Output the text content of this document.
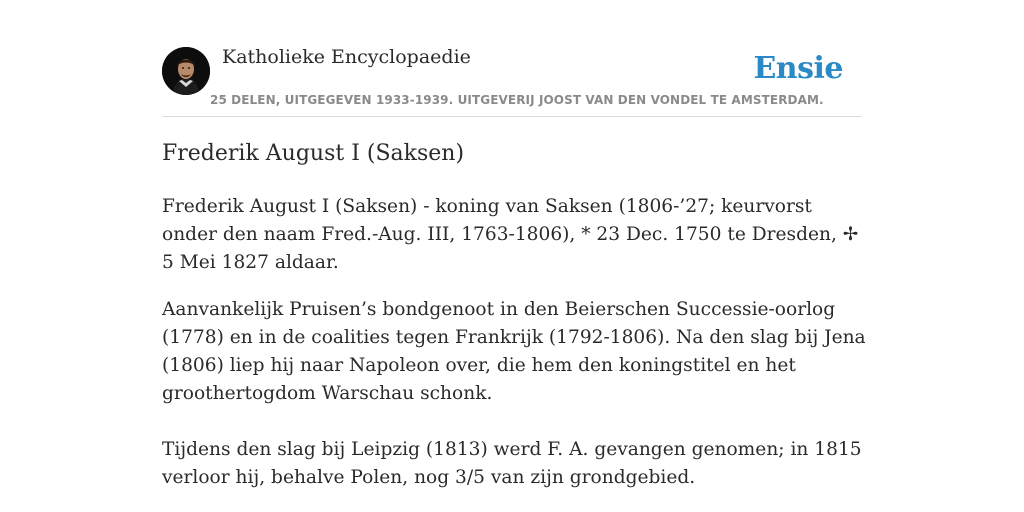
Katholieke Encyclopaedie
25 DELEN, UITGEGEVEN 1933-1939. UITGEVERIJ JOOST VAN DEN VONDEL TE AMSTERDAM.
Ensie
Frederik August I (Saksen)

Frederik August I (Saksen) - koning van Saksen (1806-’27; keurvorst onder den naam Fred.-Aug. III, 1763-1806), * 23 Dec. 1750 te Dresden, ✢ 5 Mei 1827 aldaar.

Aanvankelijk Pruisen’s bondgenoot in den Beierschen Successie-oorlog (1778) en in de coalities tegen Frankrijk (1792-1806). Na den slag bij Jena (1806) liep hij naar Napoleon over, die hem den koningstitel en het groothertogdom Warschau schonk.

Tijdens den slag bij Leipzig (1813) werd F. A. gevangen genomen; in 1815 verloor hij, behalve Polen, nog 3/5 van zijn grondgebied.
